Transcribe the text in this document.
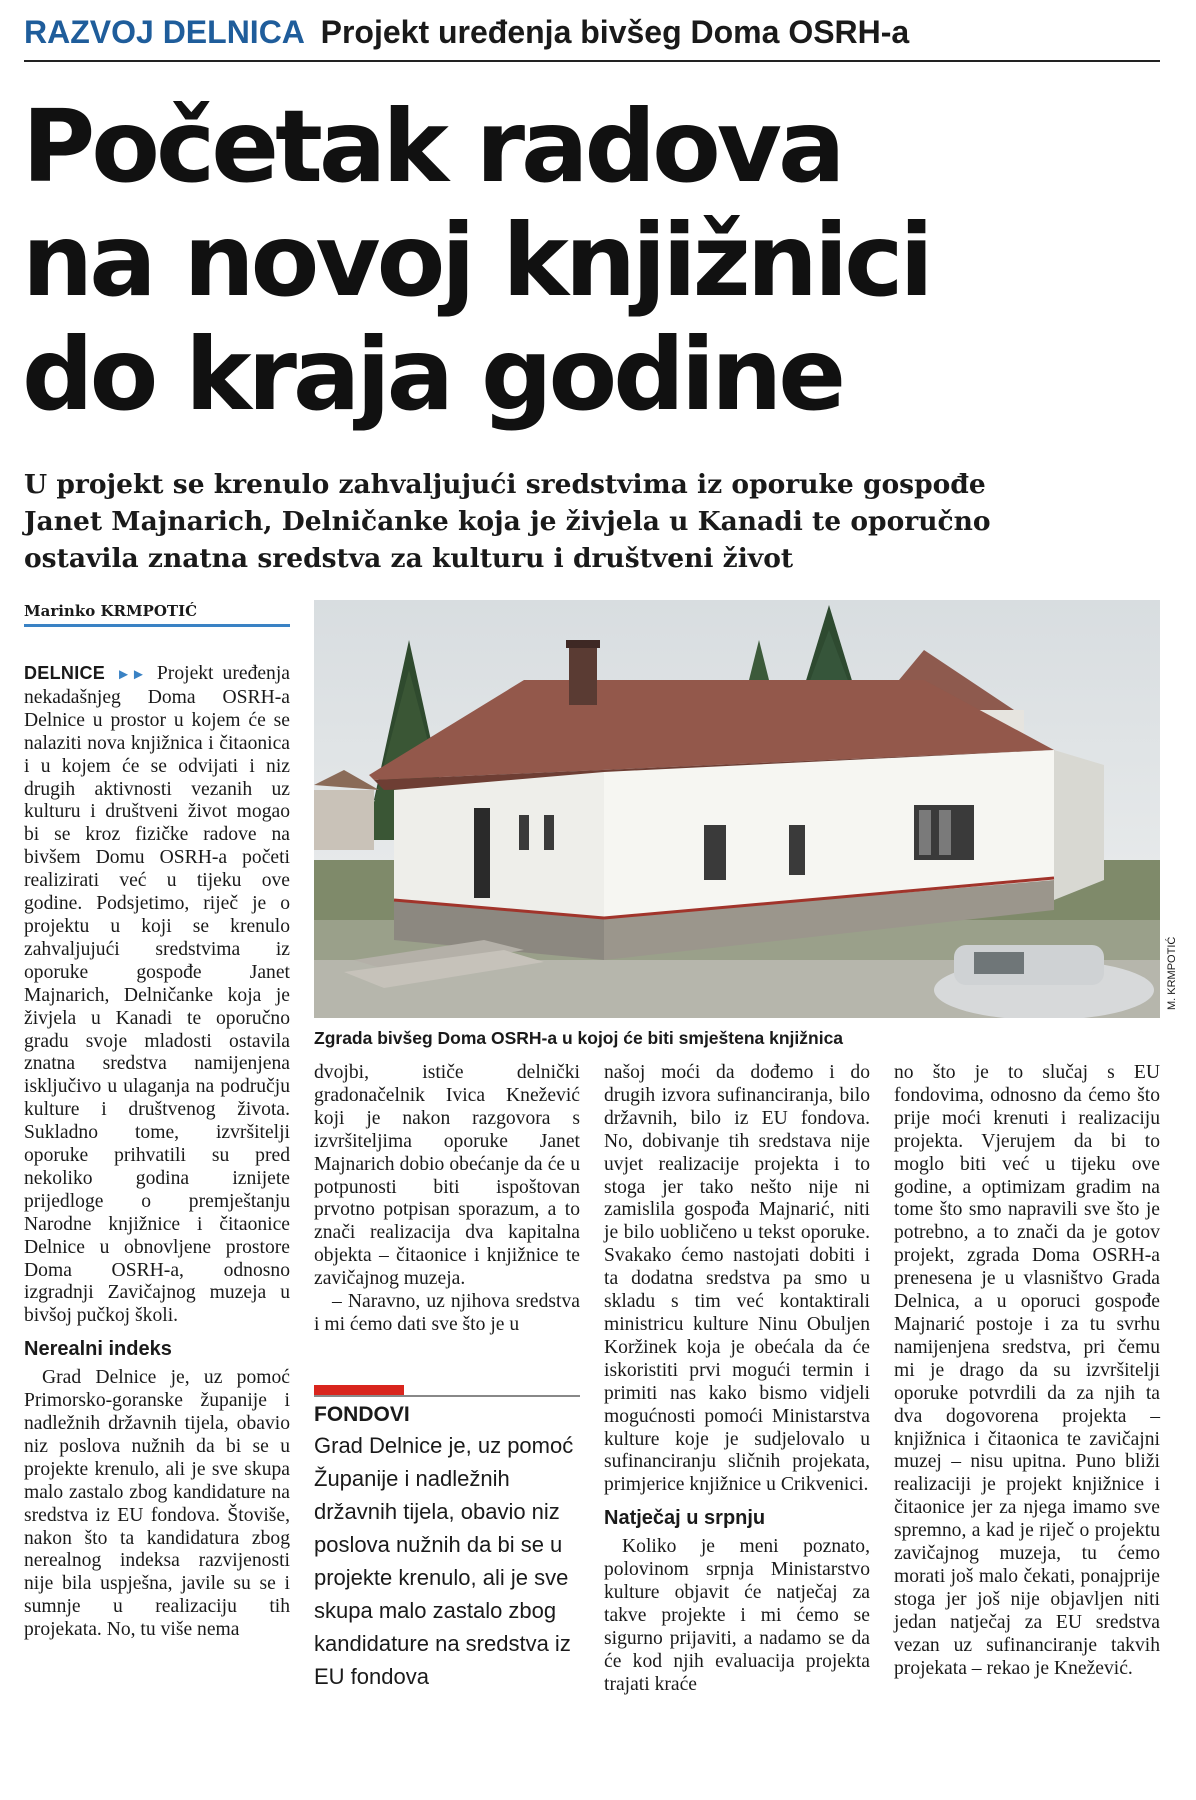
RAZVOJ DELNICA Projekt uređenja bivšeg Doma OSRH-a
Početak radova
na novoj knjižnici
do kraja godine
U projekt se krenulo zahvaljujući sredstvima iz oporuke gospođe
Janet Majnarich, Delničanke koja je živjela u Kanadi te oporučno
ostavila znatna sredstva za kulturu i društveni život
Marinko KRMPOTIĆ
M. KRMPOTIĆ
Zgrada bivšeg Doma OSRH-a u kojoj će biti smještena knjižnica

DELNICE ►► Projekt uređenja nekadašnjeg Doma OSRH-a Delnice u prostor u kojem će se nalaziti nova knjižnica i čitaonica i u kojem će se odvijati i niz drugih aktivnosti vezanih uz kulturu i društveni život mogao bi se kroz fizičke radove na bivšem Domu OSRH-a početi realizirati već u tijeku ove godine. Podsjetimo, riječ je o projektu u koji se krenulo zahvaljujući sredstvima iz oporuke gospođe Janet Majnarich, Delničanke koja je živjela u Kanadi te oporučno gradu svoje mladosti ostavila znatna sredstva namijenjena isključivo u ulaganja na području kulture i društvenog života. Sukladno tome, izvršitelji oporuke prihvatili su pred nekoliko godina iznijete prijedloge o premještanju Narodne knjižnice i čitaonice Delnice u obnovljene prostore Doma OSRH-a, odnosno izgradnji Zavičajnog muzeja u bivšoj pučkoj školi.

Nerealni indeks

Grad Delnice je, uz pomoć Primorsko-goranske županije i nadležnih državnih tijela, obavio niz poslova nužnih da bi se u projekte krenulo, ali je sve skupa malo zastalo zbog kandidature na sredstva iz EU fondova. Štoviše, nakon što ta kandidatura zbog nerealnog indeksa razvijenosti nije bila uspješna, javile su se i sumnje u realizaciju tih projekata. No, tu više nema

dvojbi, ističe delnički gradonačelnik Ivica Knežević koji je nakon razgovora s izvršiteljima oporuke Janet Majnarich dobio obećanje da će u potpunosti biti ispoštovan prvotno potpisan sporazum, a to znači realizacija dva kapitalna objekta – čitaonice i knjižnice te zavičajnog muzeja.

– Naravno, uz njihova sredstva i mi ćemo dati sve što je u

FONDOVI
Grad Delnice je, uz pomoć Županije i nadležnih državnih tijela, obavio niz poslova nužnih da bi se u projekte krenulo, ali je sve skupa malo zastalo zbog kandidature na sredstva iz EU fondova

našoj moći da dođemo i do drugih izvora sufinanciranja, bilo državnih, bilo iz EU fondova. No, dobivanje tih sredstava nije uvjet realizacije projekta i to stoga jer tako nešto nije ni zamislila gospođa Majnarić, niti je bilo uobličeno u tekst oporuke. Svakako ćemo nastojati dobiti i ta dodatna sredstva pa smo u skladu s tim već kontaktirali ministricu kulture Ninu Obuljen Koržinek koja je obećala da će iskoristiti prvi mogući termin i primiti nas kako bismo vidjeli mogućnosti pomoći Ministarstva kulture koje je sudjelovalo u sufinanciranju sličnih projekata, primjerice knjižnice u Crikvenici.

Natječaj u srpnju

Koliko je meni poznato, polovinom srpnja Ministarstvo kulture objavit će natječaj za takve projekte i mi ćemo se sigurno prijaviti, a nadamo se da će kod njih evaluacija projekta trajati kraće

no što je to slučaj s EU fondovima, odnosno da ćemo što prije moći krenuti i realizaciju projekta. Vjerujem da bi to moglo biti već u tijeku ove godine, a optimizam gradim na tome što smo napravili sve što je potrebno, a to znači da je gotov projekt, zgrada Doma OSRH-a prenesena je u vlasništvo Grada Delnica, a u oporuci gospođe Majnarić postoje i za tu svrhu namijenjena sredstva, pri čemu mi je drago da su izvršitelji oporuke potvrdili da za njih ta dva dogovorena projekta – knjižnica i čitaonica te zavičajni muzej – nisu upitna. Puno bliži realizaciji je projekt knjižnice i čitaonice jer za njega imamo sve spremno, a kad je riječ o projektu zavičajnog muzeja, tu ćemo morati još malo čekati, ponajprije stoga jer još nije objavljen niti jedan natječaj za EU sredstva vezan uz sufinanciranje takvih projekata – rekao je Knežević.
